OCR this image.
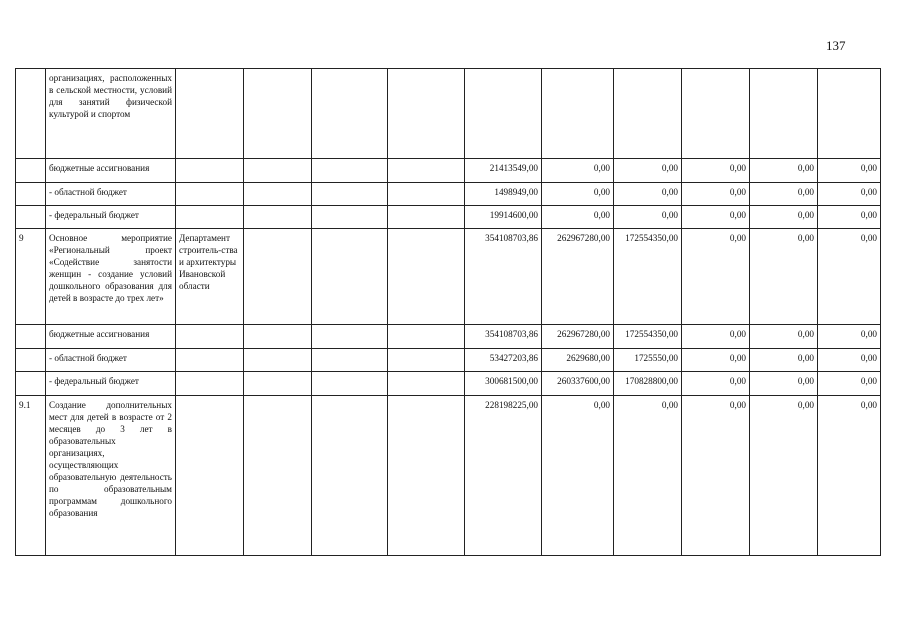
137
	организациях, расположенных в сельской местности, условий для занятий физической культурой и спортом										
	бюджетные ассигнования					21413549,00	0,00	0,00	0,00	0,00	0,00
	- областной бюджет					1498949,00	0,00	0,00	0,00	0,00	0,00
	- федеральный бюджет					19914600,00	0,00	0,00	0,00	0,00	0,00
9	Основное мероприятие «Региональный проект «Содействие занятости женщин - создание условий дошкольного образования для детей в возрасте до трех лет»	Департамент строитель-ства и архитектуры Ивановской области				354108703,86	262967280,00	172554350,00	0,00	0,00	0,00
	бюджетные ассигнования					354108703,86	262967280,00	172554350,00	0,00	0,00	0,00
	- областной бюджет					53427203,86	2629680,00	1725550,00	0,00	0,00	0,00
	- федеральный бюджет					300681500,00	260337600,00	170828800,00	0,00	0,00	0,00
9.1	Создание дополнительных мест для детей в возрасте от 2 месяцев до 3 лет в образовательных организациях, осуществляющих образовательную деятельность по образовательным программам дошкольного образования					228198225,00	0,00	0,00	0,00	0,00	0,00
